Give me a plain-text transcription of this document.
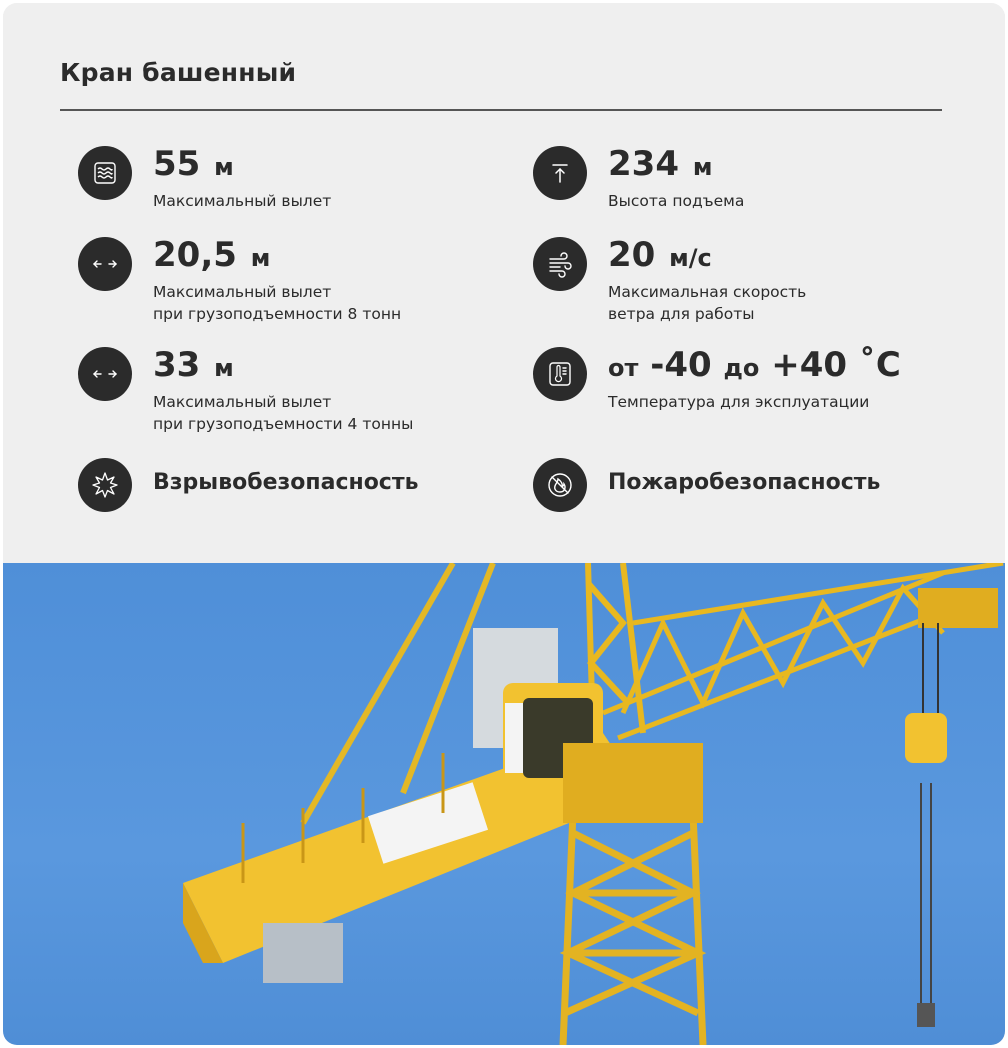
Кран башенный
55 м
Максимальный вылет
234 м
Высота подъема
20,5 м
Максимальный вылет
при грузоподъемности 8 тонн
20 м/с
Максимальная скорость
ветра для работы
33 м
Максимальный вылет
при грузоподъемности 4 тонны
от -40 до +40 ˚С
Температура для эксплуатации
Взрывобезопасность	Пожаробезопасность
